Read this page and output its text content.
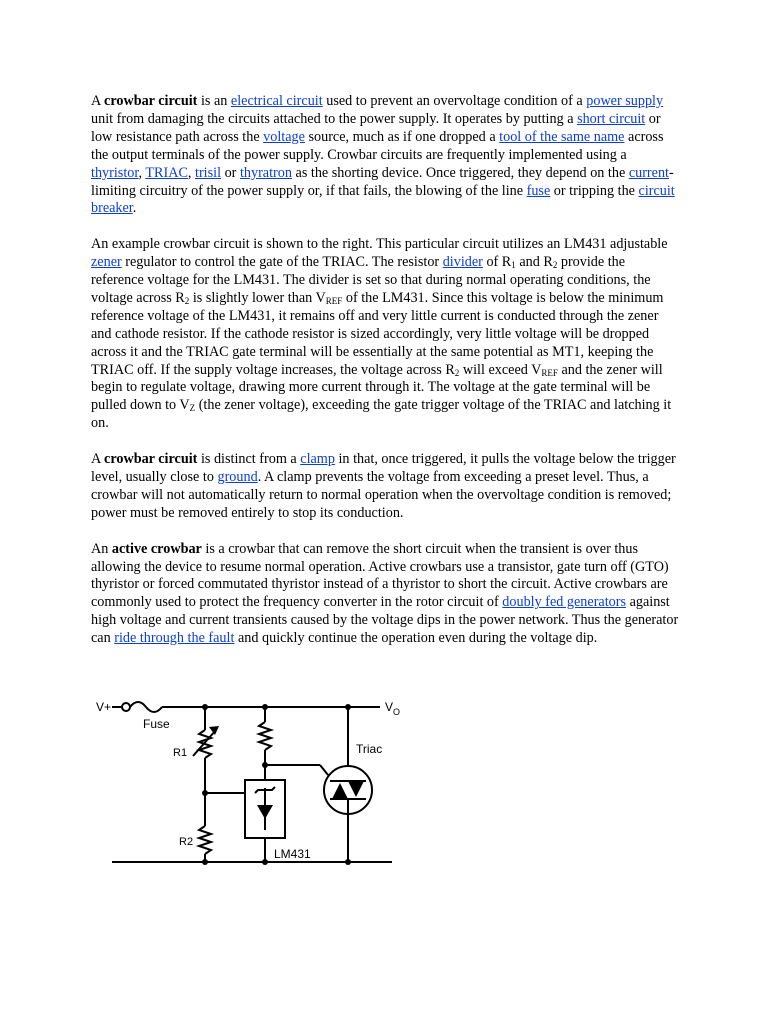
A crowbar circuit is an electrical circuit used to prevent an overvoltage condition of a power supply unit from damaging the circuits attached to the power supply. It operates by putting a short circuit or low resistance path across the voltage source, much as if one dropped a tool of the same name across the output terminals of the power supply. Crowbar circuits are frequently implemented using a thyristor, TRIAC, trisil or thyratron as the shorting device. Once triggered, they depend on the current-limiting circuitry of the power supply or, if that fails, the blowing of the line fuse or tripping the circuit breaker.

An example crowbar circuit is shown to the right. This particular circuit utilizes an LM431 adjustable zener regulator to control the gate of the TRIAC. The resistor divider of $R_1$ and $R_2$ provide the reference voltage for the LM431. The divider is set so that during normal operating conditions, the voltage across $R_2$ is slightly lower than $V_{REF}$ of the LM431. Since this voltage is below the minimum reference voltage of the LM431, it remains off and very little current is conducted through the zener and cathode resistor. If the cathode resistor is sized accordingly, very little voltage will be dropped across it and the TRIAC gate terminal will be essentially at the same potential as MT1, keeping the TRIAC off. If the supply voltage increases, the voltage across $R_2$ will exceed $V_{REF}$ and the zener will begin to regulate voltage, drawing more current through it. The voltage at the gate terminal will be pulled down to $V_Z$ (the zener voltage), exceeding the gate trigger voltage of the TRIAC and latching it on.

A crowbar circuit is distinct from a clamp in that, once triggered, it pulls the voltage below the trigger level, usually close to ground. A clamp prevents the voltage from exceeding a preset level. Thus, a crowbar will not automatically return to normal operation when the overvoltage condition is removed; power must be removed entirely to stop its conduction.

An active crowbar is a crowbar that can remove the short circuit when the transient is over thus allowing the device to resume normal operation. Active crowbars use a transistor, gate turn off (GTO) thyristor or forced commutated thyristor instead of a thyristor to short the circuit. Active crowbars are commonly used to protect the frequency converter in the rotor circuit of doubly fed generators against high voltage and current transients caused by the voltage dips in the power network. Thus the generator can ride through the fault and quickly continue the operation even during the voltage dip.

V+	$V_O$
Fuse
R1
R2
Triac
LM431
